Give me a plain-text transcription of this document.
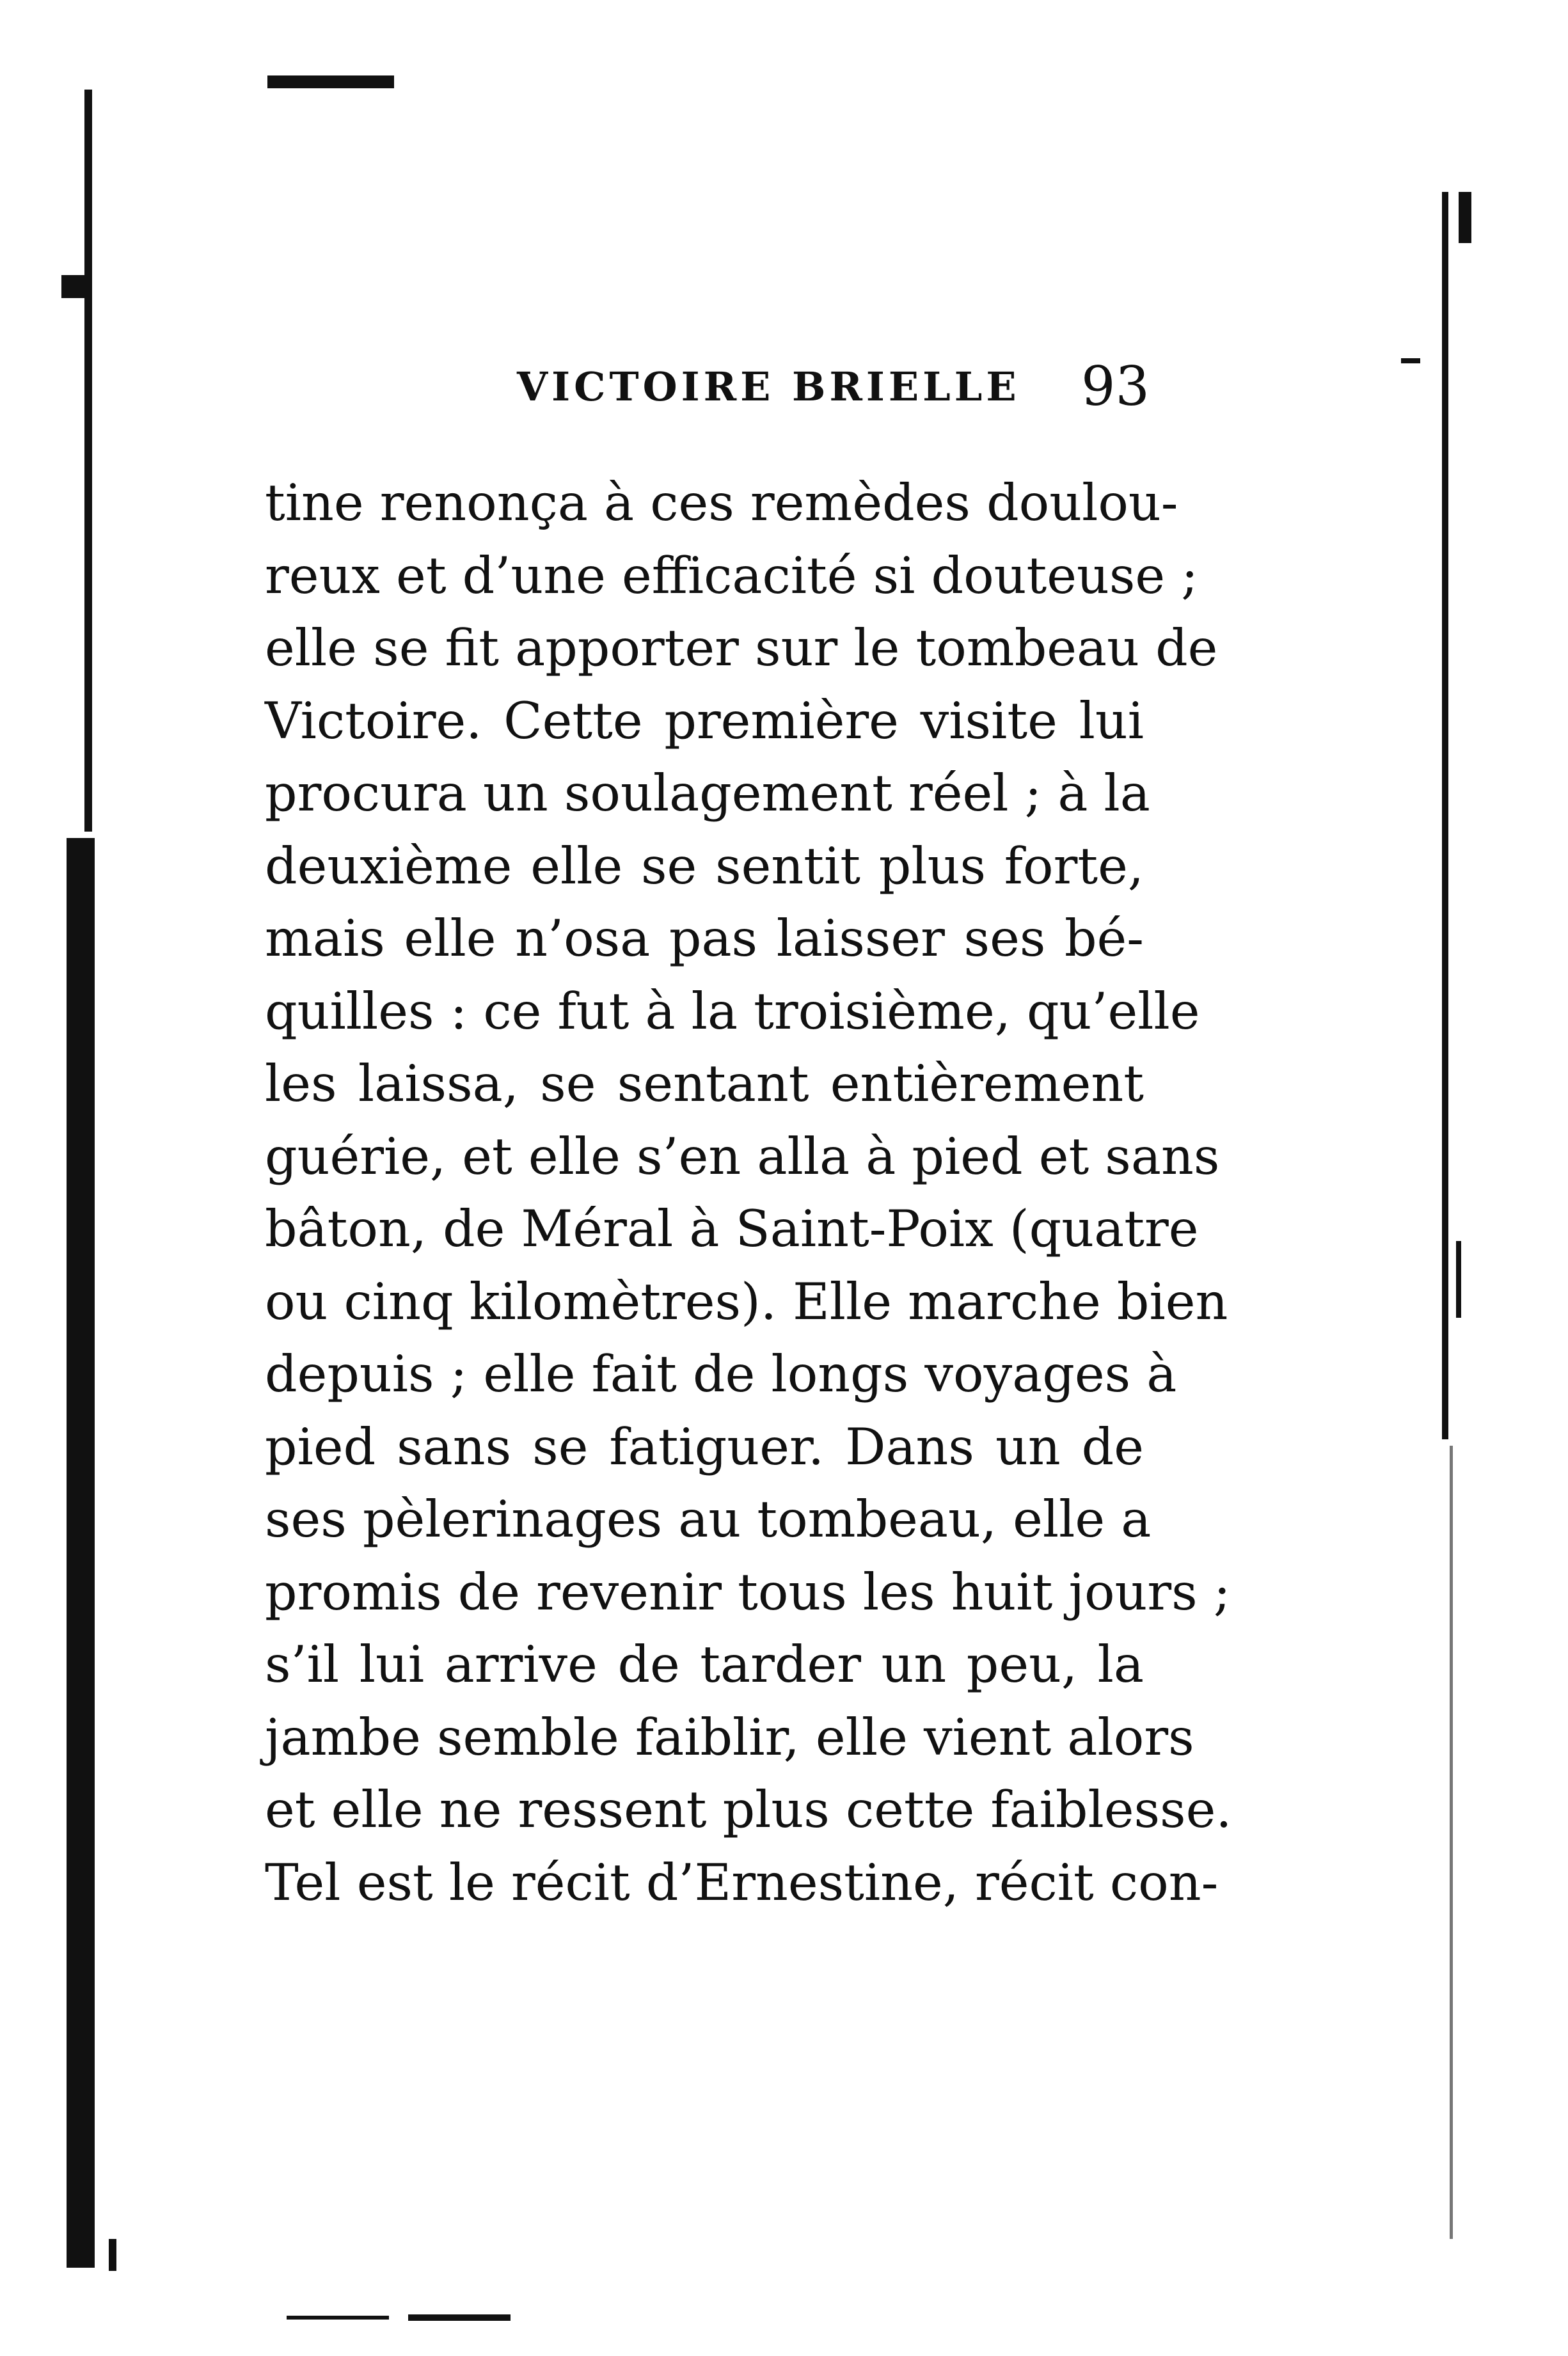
VICTOIRE BRIELLE 93
tine renonça à ces remèdes doulou-
reux et d’une efficacité si douteuse ;
elle se fit apporter sur le tombeau de
Victoire. Cette première visite lui
procura un soulagement réel ; à la
deuxième elle se sentit plus forte,
mais elle n’osa pas laisser ses bé-
quilles : ce fut à la troisième, qu’elle
les laissa, se sentant entièrement
guérie, et elle s’en alla à pied et sans
bâton, de Méral à Saint-Poix (quatre
ou cinq kilomètres). Elle marche bien
depuis ; elle fait de longs voyages à
pied sans se fatiguer. Dans un de
ses pèlerinages au tombeau, elle a
promis de revenir tous les huit jours ;
s’il lui arrive de tarder un peu, la
jambe semble faiblir, elle vient alors
et elle ne ressent plus cette faiblesse.
Tel est le récit d’Ernestine, récit con-
